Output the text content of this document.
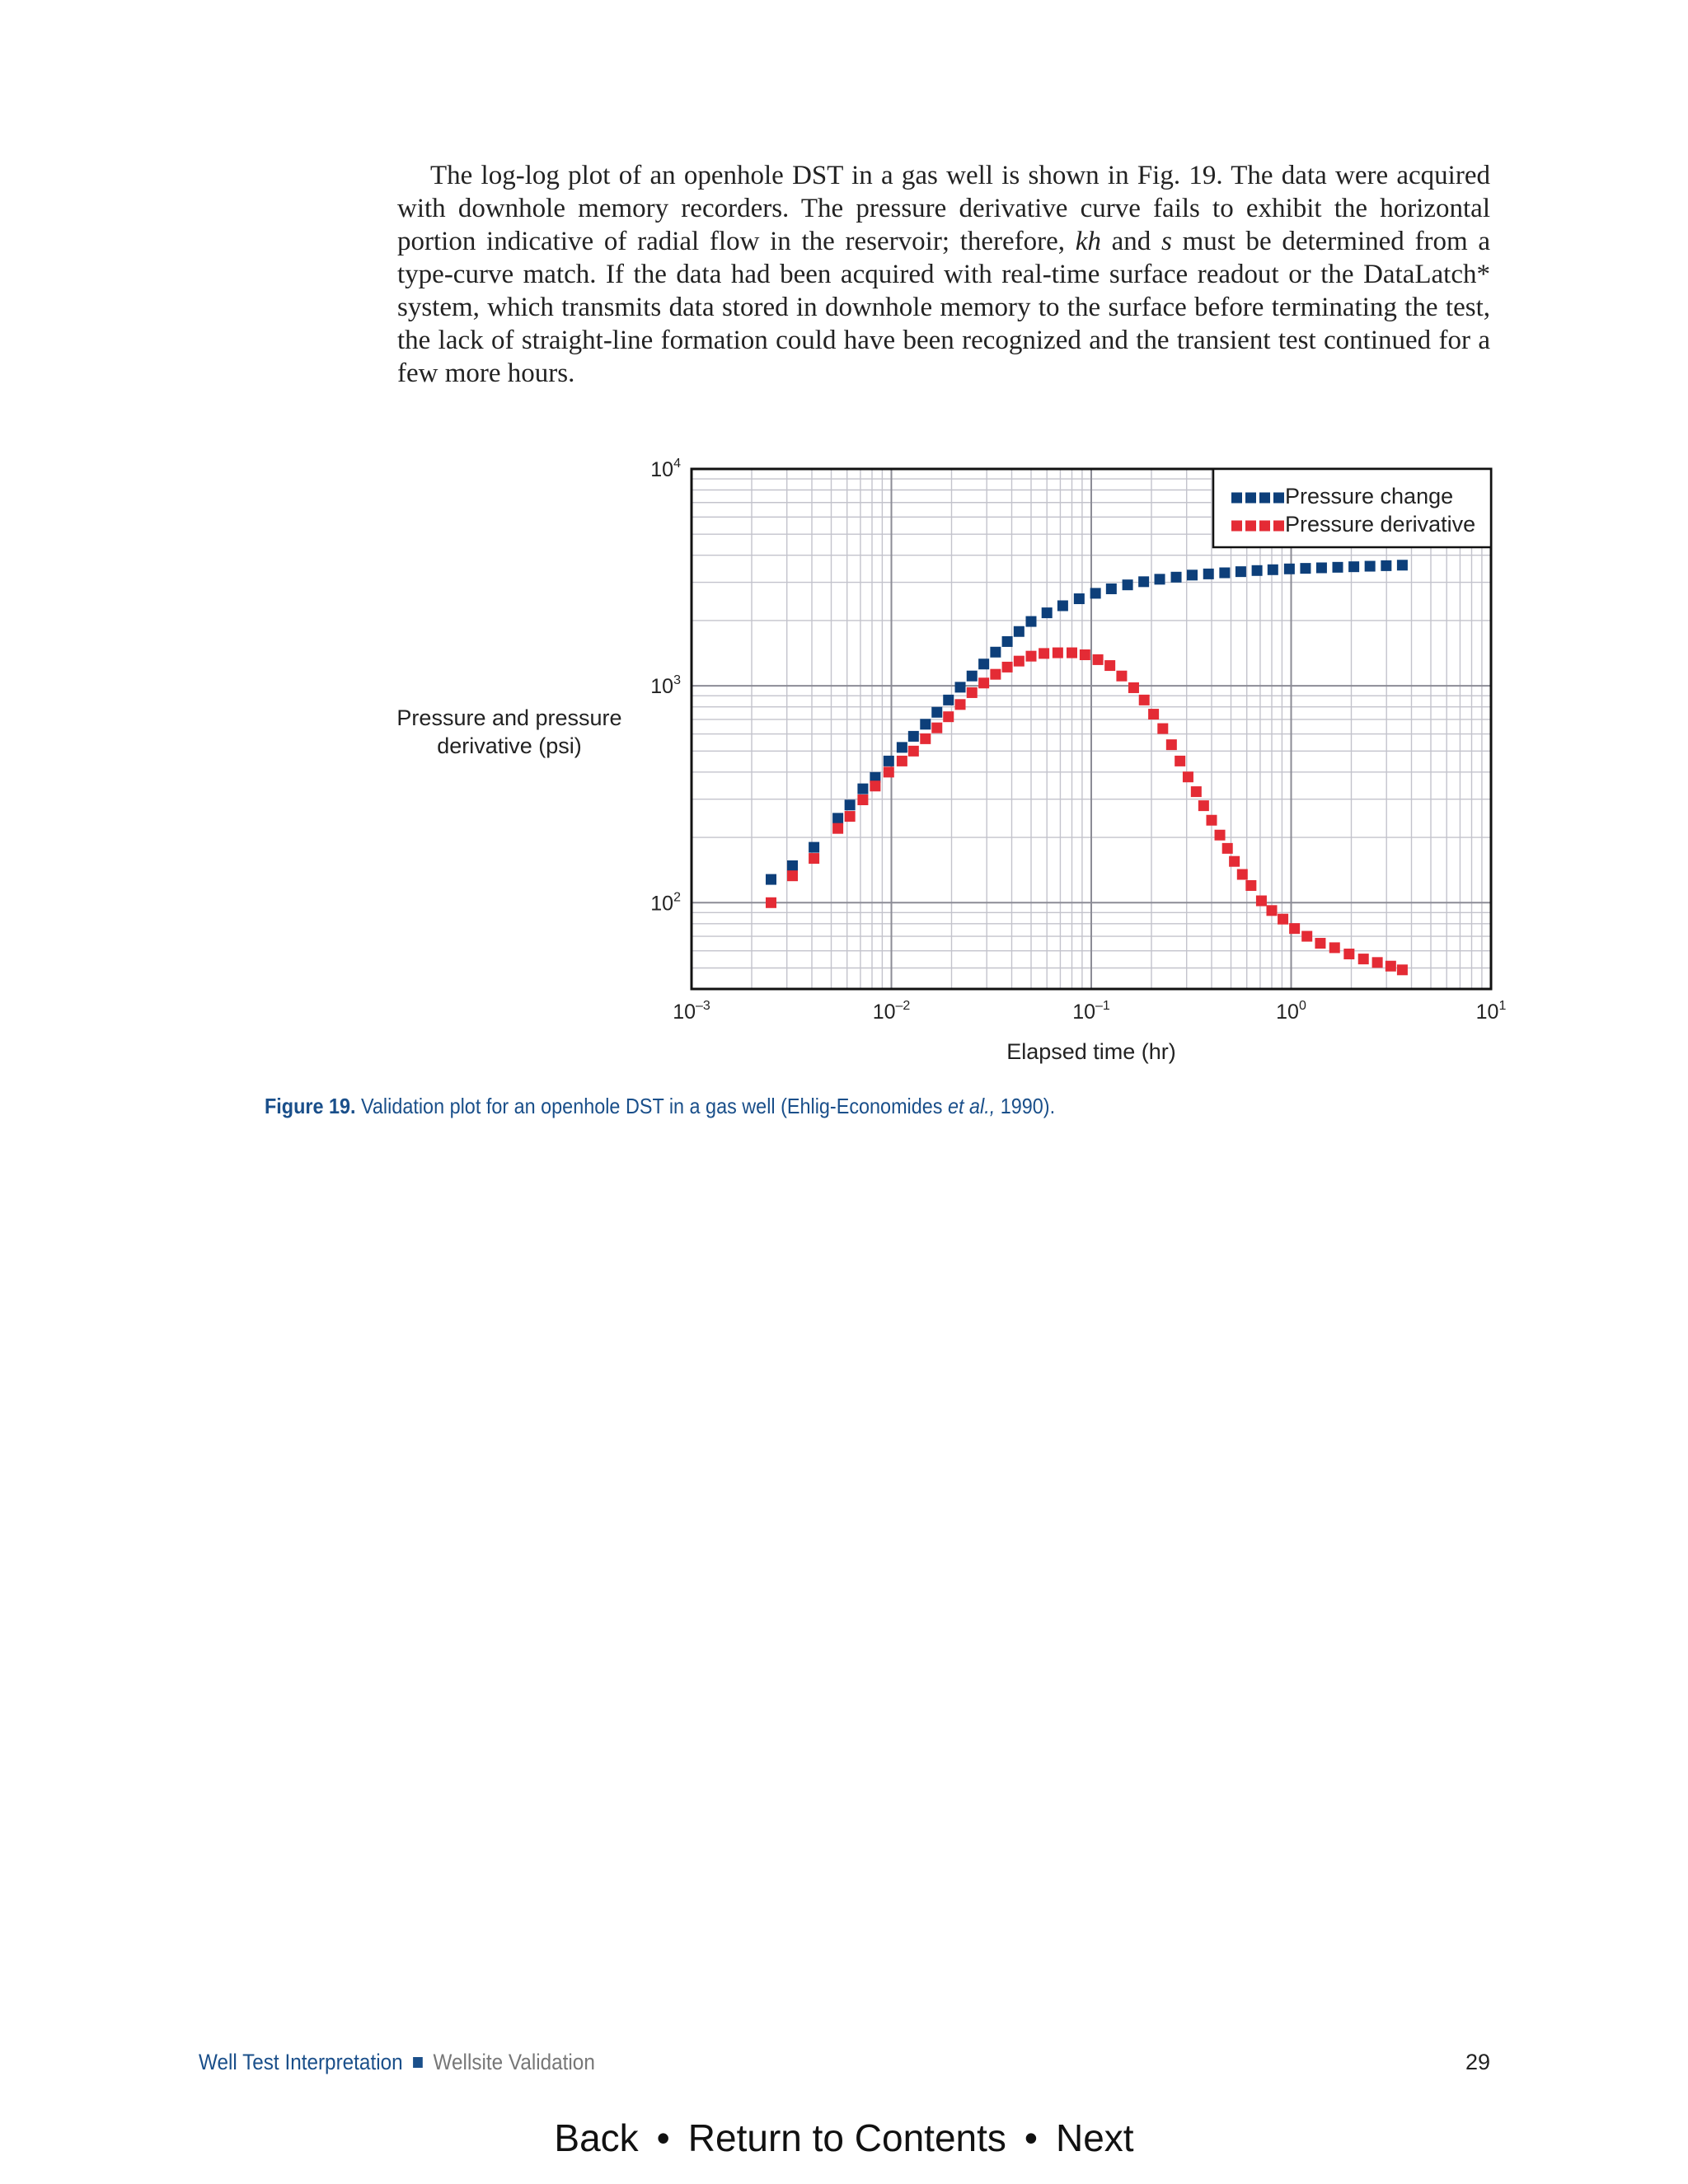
The log-log plot of an openhole DST in a gas well is shown in Fig. 19. The data were acquired with downhole memory recorders. The pressure derivative curve fails to exhibit the horizontal portion indicative of radial flow in the reservoir; therefore, kh and s must be determined from a type-curve match. If the data had been acquired with real-time surface readout or the DataLatch* system, which transmits data stored in downhole memory to the surface before terminating the test, the lack of straight-line formation could have been recognized and the transient test continued for a few more hours.

$10^{-3}$	$10^{-2}$	$10^{-1}$	$10^0$	$10^1$
$10^2$
$10^3$
$10^4$
Elapsed time (hr)
Pressure and pressure
derivative (psi)
Pressure change
Pressure derivative
Figure 19. Validation plot for an openhole DST in a gas well (Ehlig-Economides et al., 1990).
Well Test Interpretation Wellsite Validation	29
Back • Return to Contents • Next
